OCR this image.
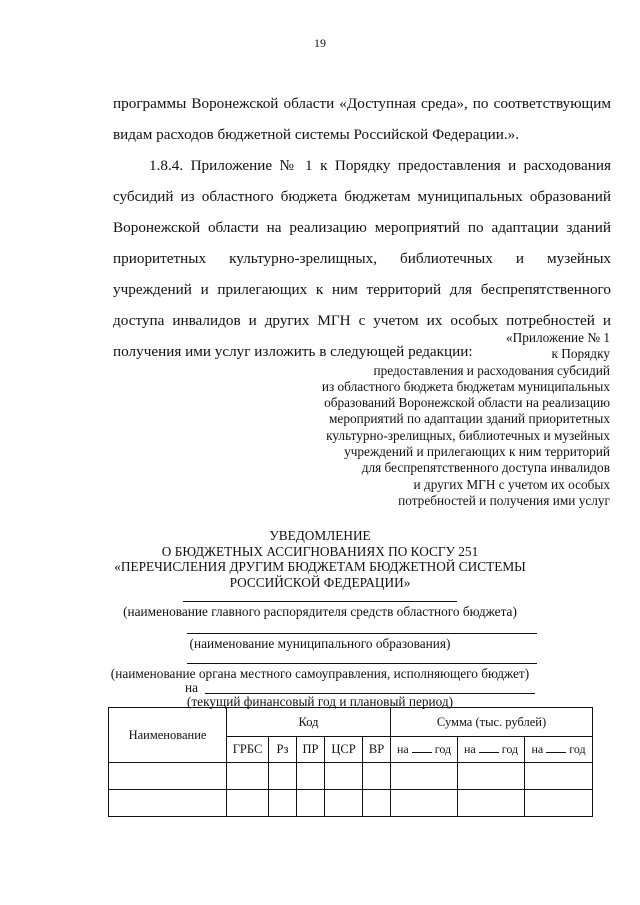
19
программы Воронежской области «Доступная среда», по соответствующим
видам расходов бюджетной системы Российской Федерации.».
1.8.4. Приложение № 1 к Порядку предоставления и расходования субсидий из областного бюджета бюджетам муниципальных образований Воронежской области на реализацию мероприятий по адаптации зданий приоритетных культурно-зрелищных, библиотечных и музейных учреждений и прилегающих к ним территорий для беспрепятственного доступа инвалидов и других МГН с учетом их особых потребностей и получения ими услуг изложить в следующей редакции:
«Приложение № 1
к Порядку
предоставления и расходования субсидий
из областного бюджета бюджетам муниципальных
образований Воронежской области на реализацию
мероприятий по адаптации зданий приоритетных
культурно-зрелищных, библиотечных и музейных
учреждений и прилегающих к ним территорий
для беспрепятственного доступа инвалидов
и других МГН с учетом их особых
потребностей и получения ими услуг
УВЕДОМЛЕНИЕ
О БЮДЖЕТНЫХ АССИГНОВАНИЯХ ПО КОСГУ 251
«ПЕРЕЧИСЛЕНИЯ ДРУГИМ БЮДЖЕТАМ БЮДЖЕТНОЙ СИСТЕМЫ
РОССИЙСКОЙ ФЕДЕРАЦИИ»
(наименование главного распорядителя средств областного бюджета)
(наименование муниципального образования)
(наименование органа местного самоуправления, исполняющего бюджет)
на
(текущий финансовый год и плановый период)
Наименование	Код					Сумма (тыс. рублей)		
	ГРБС	Рз	ПР	ЦСР	ВР	на год	на год	на год
